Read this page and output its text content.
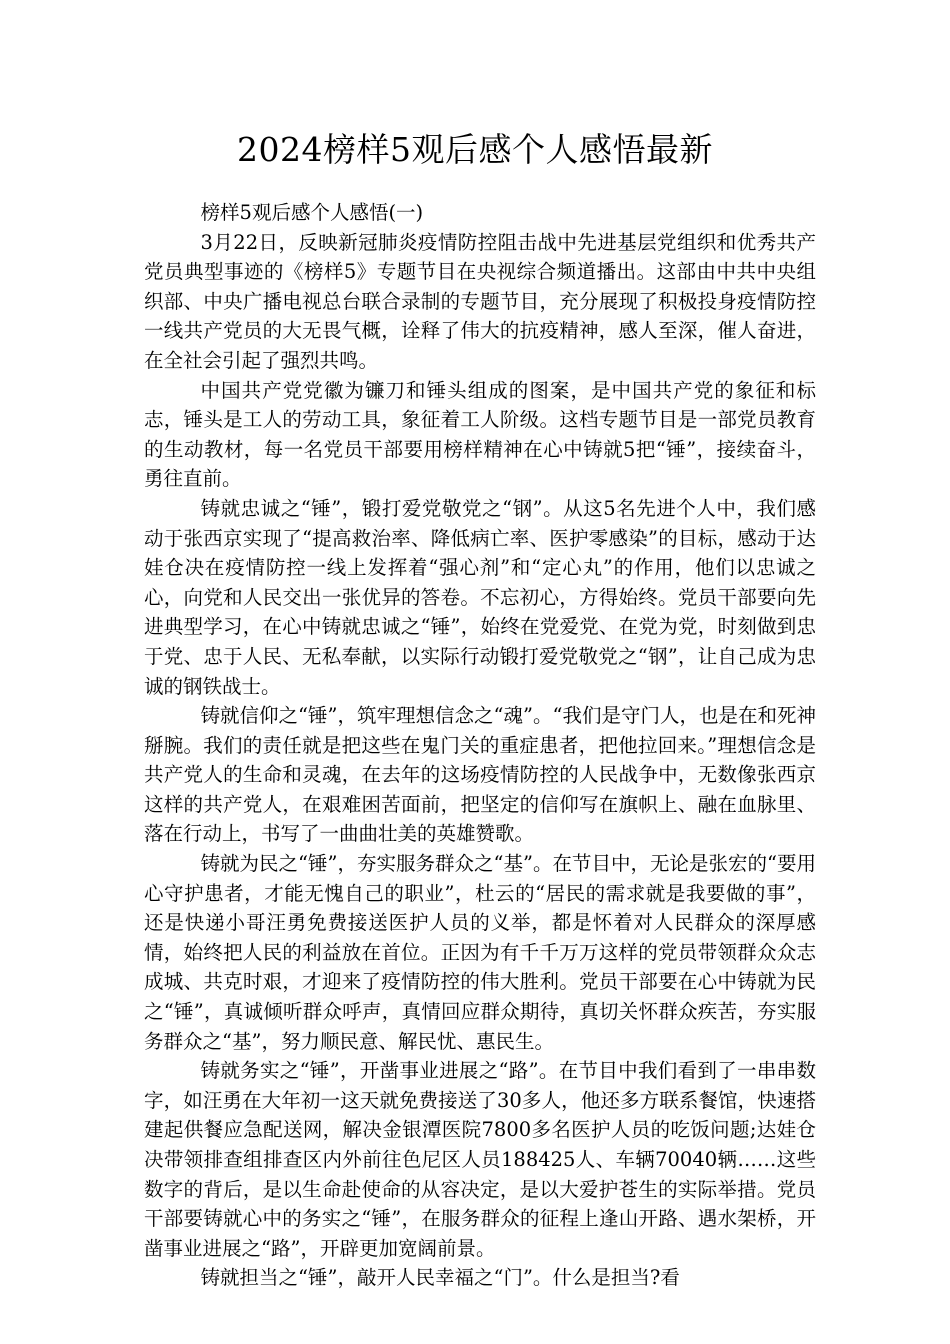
2024榜样5观后感个人感悟最新

榜样5观后感个人感悟(一)

3月22日，反映新冠肺炎疫情防控阻击战中先进基层党组织和优秀共产党员典型事迹的《榜样5》专题节目在央视综合频道播出。这部由中共中央组织部、中央广播电视总台联合录制的专题节目，充分展现了积极投身疫情防控一线共产党员的大无畏气概，诠释了伟大的抗疫精神，感人至深，催人奋进，在全社会引起了强烈共鸣。

中国共产党党徽为镰刀和锤头组成的图案，是中国共产党的象征和标志，锤头是工人的劳动工具，象征着工人阶级。这档专题节目是一部党员教育的生动教材，每一名党员干部要用榜样精神在心中铸就5把“锤”，接续奋斗，勇往直前。

铸就忠诚之“锤”，锻打爱党敬党之“钢”。从这5名先进个人中，我们感动于张西京实现了“提高救治率、降低病亡率、医护零感染”的目标，感动于达娃仓决在疫情防控一线上发挥着“强心剂”和“定心丸”的作用，他们以忠诚之心，向党和人民交出一张优异的答卷。不忘初心，方得始终。党员干部要向先进典型学习，在心中铸就忠诚之“锤”，始终在党爱党、在党为党，时刻做到忠于党、忠于人民、无私奉献，以实际行动锻打爱党敬党之“钢”，让自己成为忠诚的钢铁战士。

铸就信仰之“锤”，筑牢理想信念之“魂”。“我们是守门人，也是在和死神掰腕。我们的责任就是把这些在鬼门关的重症患者，把他拉回来。”理想信念是共产党人的生命和灵魂，在去年的这场疫情防控的人民战争中，无数像张西京这样的共产党人，在艰难困苦面前，把坚定的信仰写在旗帜上、融在血脉里、落在行动上，书写了一曲曲壮美的英雄赞歌。

铸就为民之“锤”，夯实服务群众之“基”。在节目中，无论是张宏的“要用心守护患者，才能无愧自己的职业”，杜云的“居民的需求就是我要做的事”，还是快递小哥汪勇免费接送医护人员的义举，都是怀着对人民群众的深厚感情，始终把人民的利益放在首位。正因为有千千万万这样的党员带领群众众志成城、共克时艰，才迎来了疫情防控的伟大胜利。党员干部要在心中铸就为民之“锤”，真诚倾听群众呼声，真情回应群众期待，真切关怀群众疾苦，夯实服务群众之“基”，努力顺民意、解民忧、惠民生。

铸就务实之“锤”，开凿事业进展之“路”。在节目中我们看到了一串串数字，如汪勇在大年初一这天就免费接送了30多人，他还多方联系餐馆，快速搭建起供餐应急配送网，解决金银潭医院7800多名医护人员的吃饭问题;达娃仓决带领排查组排查区内外前往色尼区人员188425人、车辆70040辆……这些数字的背后，是以生命赴使命的从容决定，是以大爱护苍生的实际举措。党员干部要铸就心中的务实之“锤”，在服务群众的征程上逢山开路、遇水架桥，开凿事业进展之“路”，开辟更加宽阔前景。

铸就担当之“锤”，敲开人民幸福之“门”。什么是担当?看
